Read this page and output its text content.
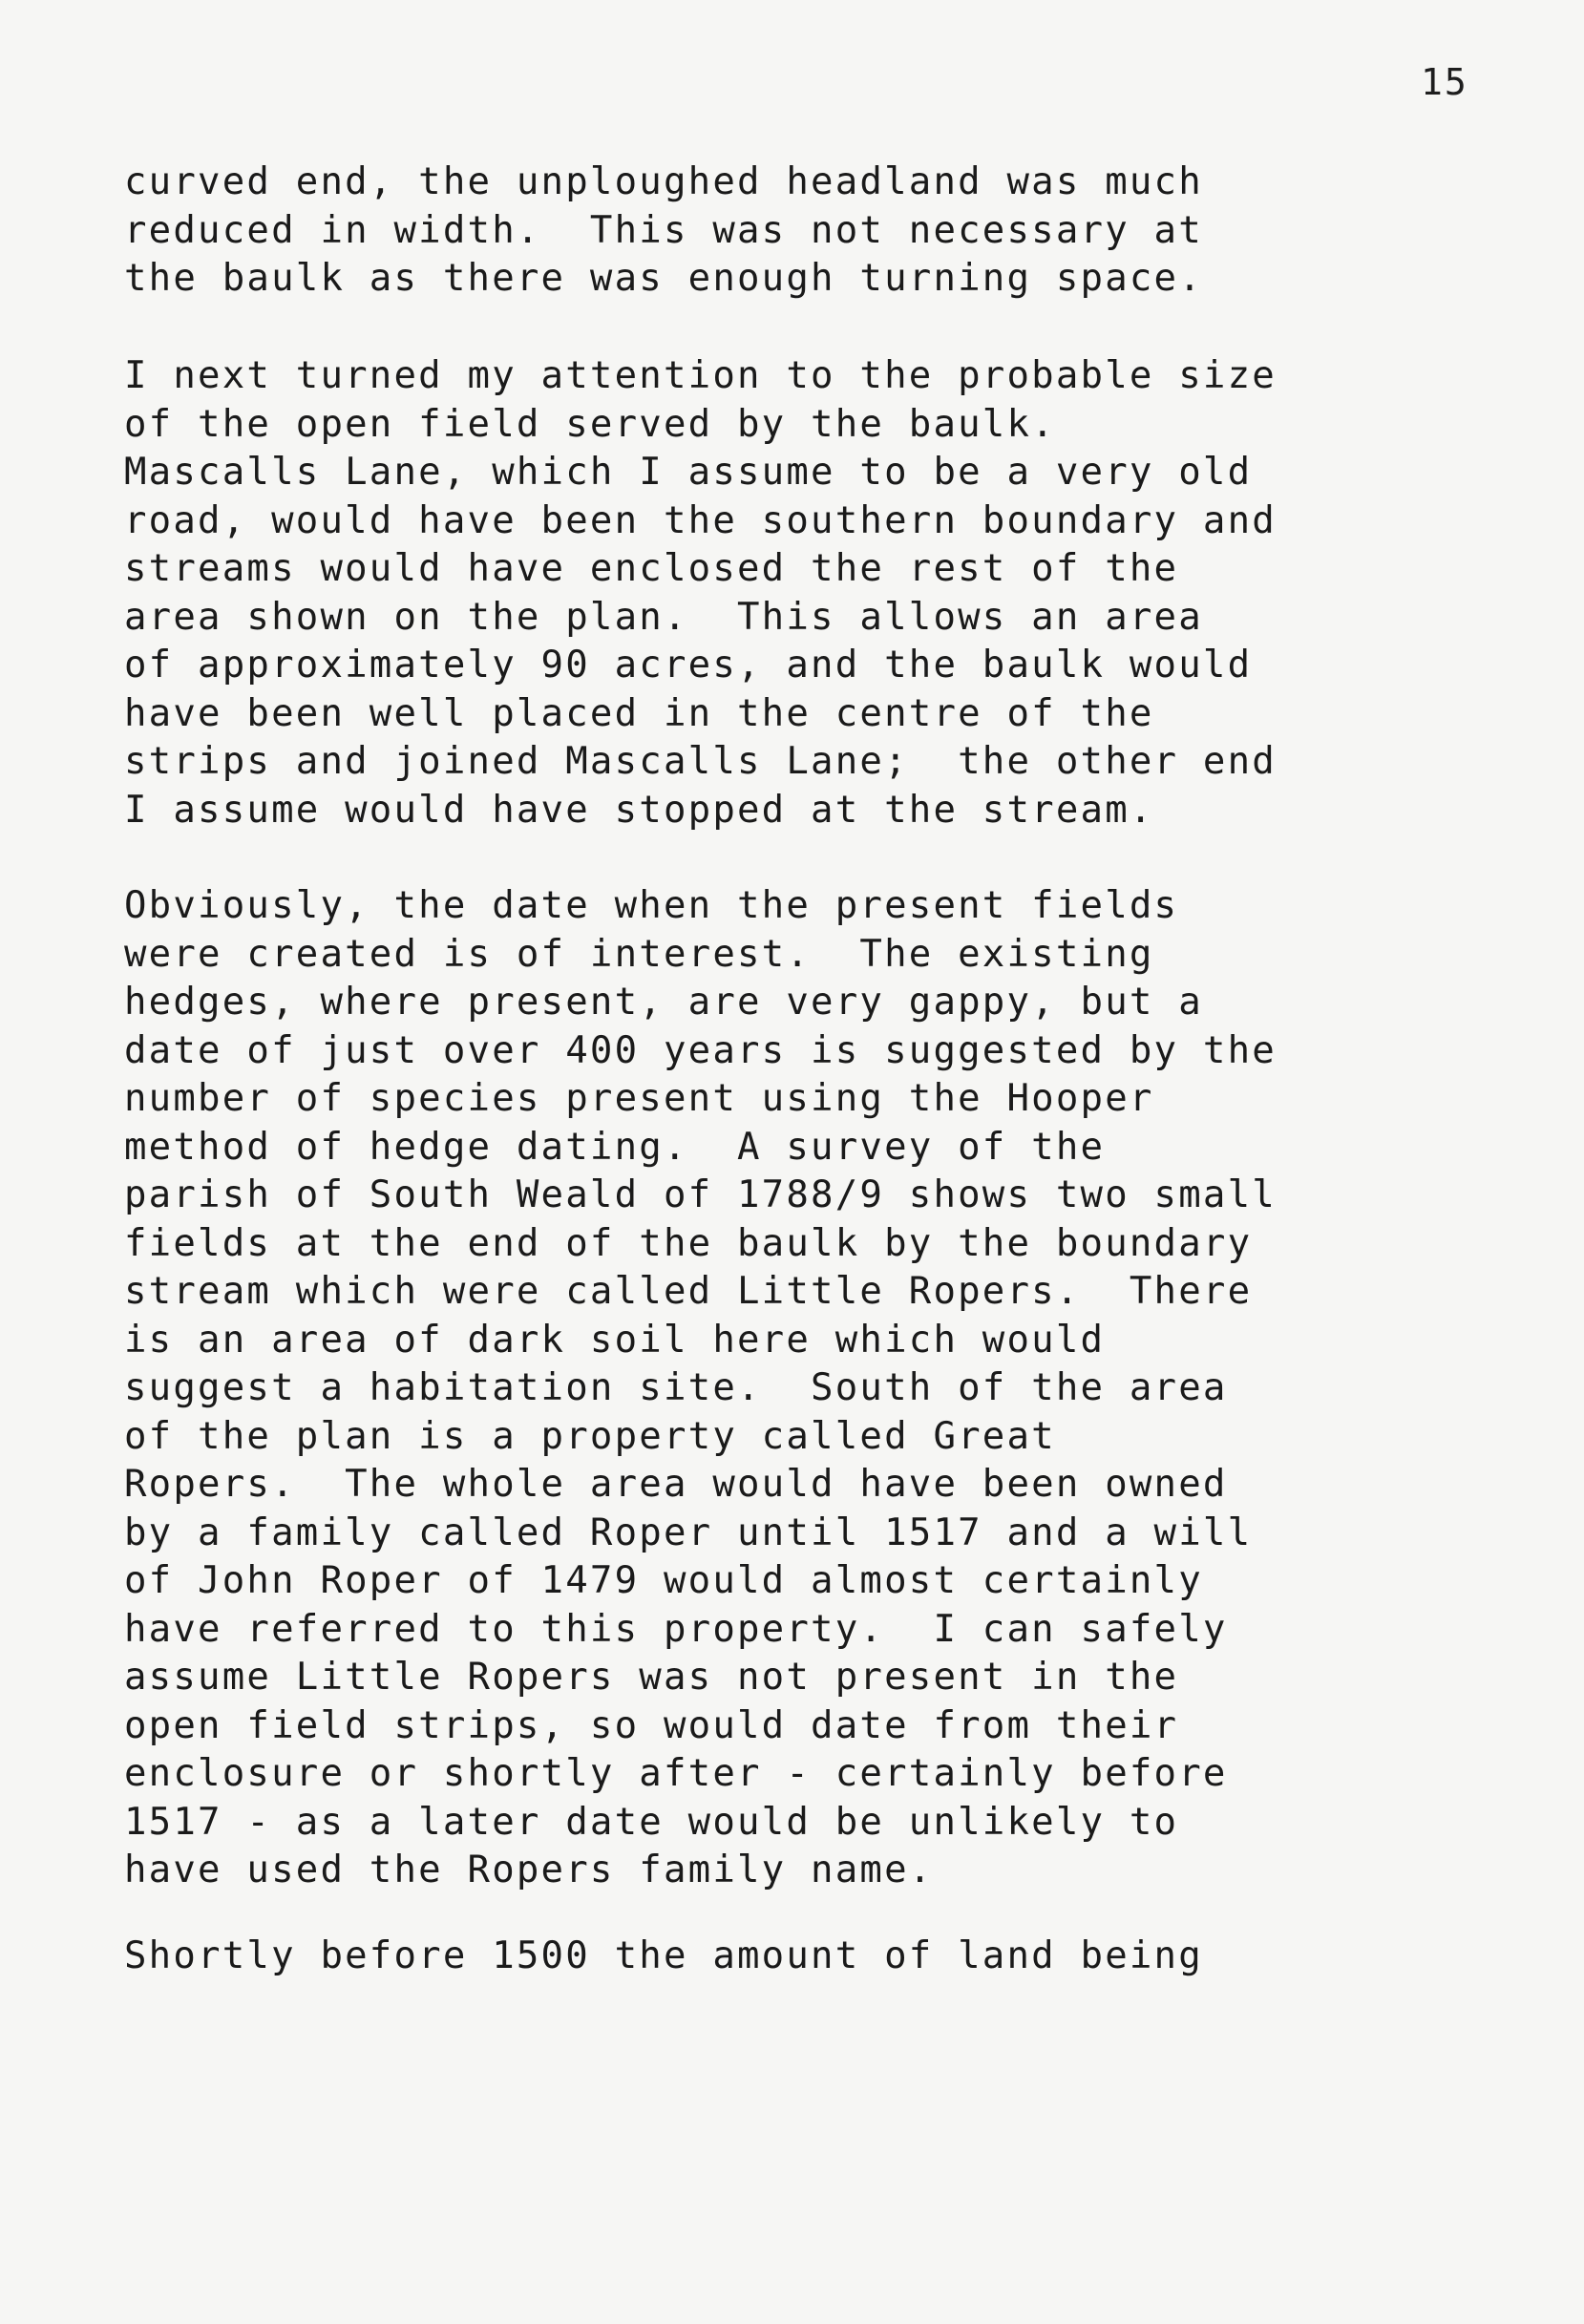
15
curved end, the unploughed headland was much
reduced in width.  This was not necessary at
the baulk as there was enough turning space.
I next turned my attention to the probable size
of the open field served by the baulk.
Mascalls Lane, which I assume to be a very old
road, would have been the southern boundary and
streams would have enclosed the rest of the
area shown on the plan.  This allows an area
of approximately 90 acres, and the baulk would
have been well placed in the centre of the
strips and joined Mascalls Lane;  the other end
I assume would have stopped at the stream.
Obviously, the date when the present fields
were created is of interest.  The existing
hedges, where present, are very gappy, but a
date of just over 400 years is suggested by the
number of species present using the Hooper
method of hedge dating.  A survey of the
parish of South Weald of 1788/9 shows two small
fields at the end of the baulk by the boundary
stream which were called Little Ropers.  There
is an area of dark soil here which would
suggest a habitation site.  South of the area
of the plan is a property called Great
Ropers.  The whole area would have been owned
by a family called Roper until 1517 and a will
of John Roper of 1479 would almost certainly
have referred to this property.  I can safely
assume Little Ropers was not present in the
open field strips, so would date from their
enclosure or shortly after - certainly before
1517 - as a later date would be unlikely to
have used the Ropers family name.
Shortly before 1500 the amount of land being
